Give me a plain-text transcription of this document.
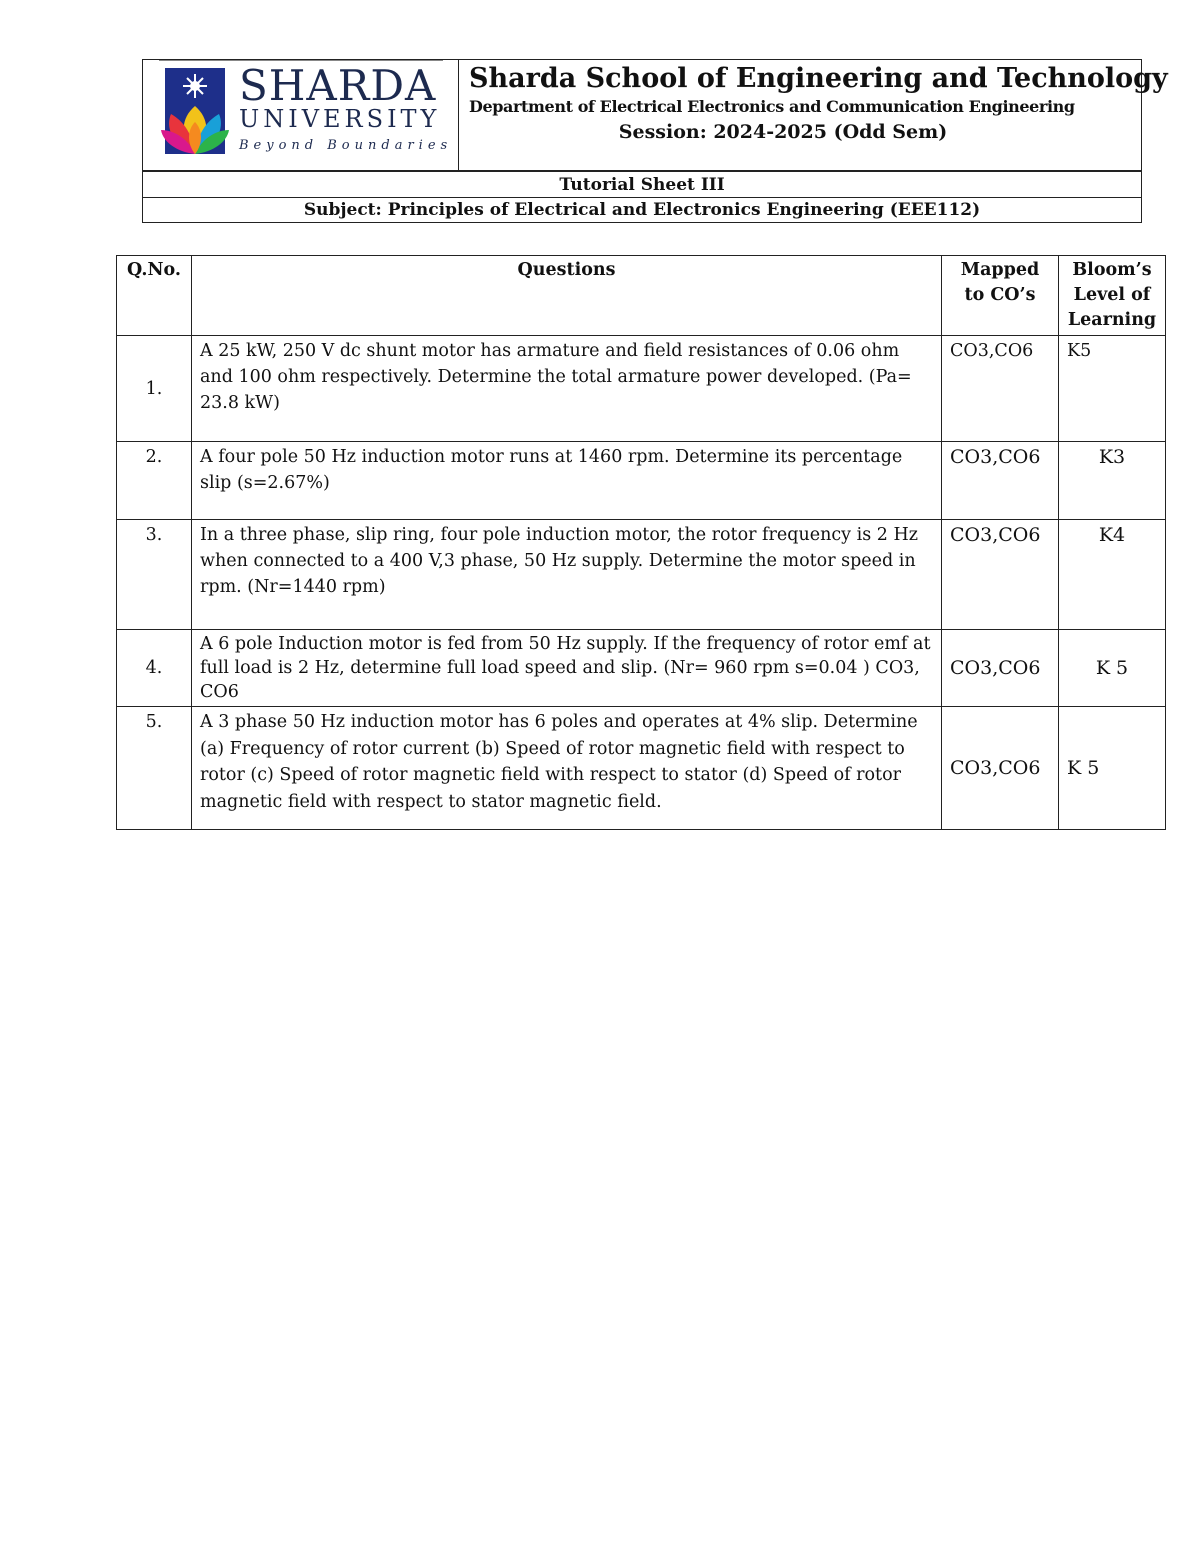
SHARDA
UNIVERSITY
Beyond Boundaries
Sharda School of Engineering and Technology
Department of Electrical Electronics and Communication Engineering
Session: 2024-2025 (Odd Sem)
Tutorial Sheet III
Subject: Principles of Electrical and Electronics Engineering (EEE112)
Q.No.	Questions	Mapped to CO’s	Bloom’s Level of Learning
1.	A 25 kW, 250 V dc shunt motor has armature and field resistances of 0.06 ohm and 100 ohm respectively. Determine the total armature power developed. (Pa= 23.8 kW)	CO3,CO6	K5
2.	A four pole 50 Hz induction motor runs at 1460 rpm. Determine its percentage slip (s=2.67%)	CO3,CO6	K3
3.	In a three phase, slip ring, four pole induction motor, the rotor frequency is 2 Hz when connected to a 400 V,3 phase, 50 Hz supply. Determine the motor speed in rpm. (Nr=1440 rpm)	CO3,CO6	K4
4.	A 6 pole Induction motor is fed from 50 Hz supply. If the frequency of rotor emf at full load is 2 Hz, determine full load speed and slip. (Nr= 960 rpm s=0.04 ) CO3, CO6	CO3,CO6	K 5
5.	A 3 phase 50 Hz induction motor has 6 poles and operates at 4% slip. Determine (a) Frequency of rotor current (b) Speed of rotor magnetic field with respect to rotor (c) Speed of rotor magnetic field with respect to stator (d) Speed of rotor magnetic field with respect to stator magnetic field.	CO3,CO6	K 5
